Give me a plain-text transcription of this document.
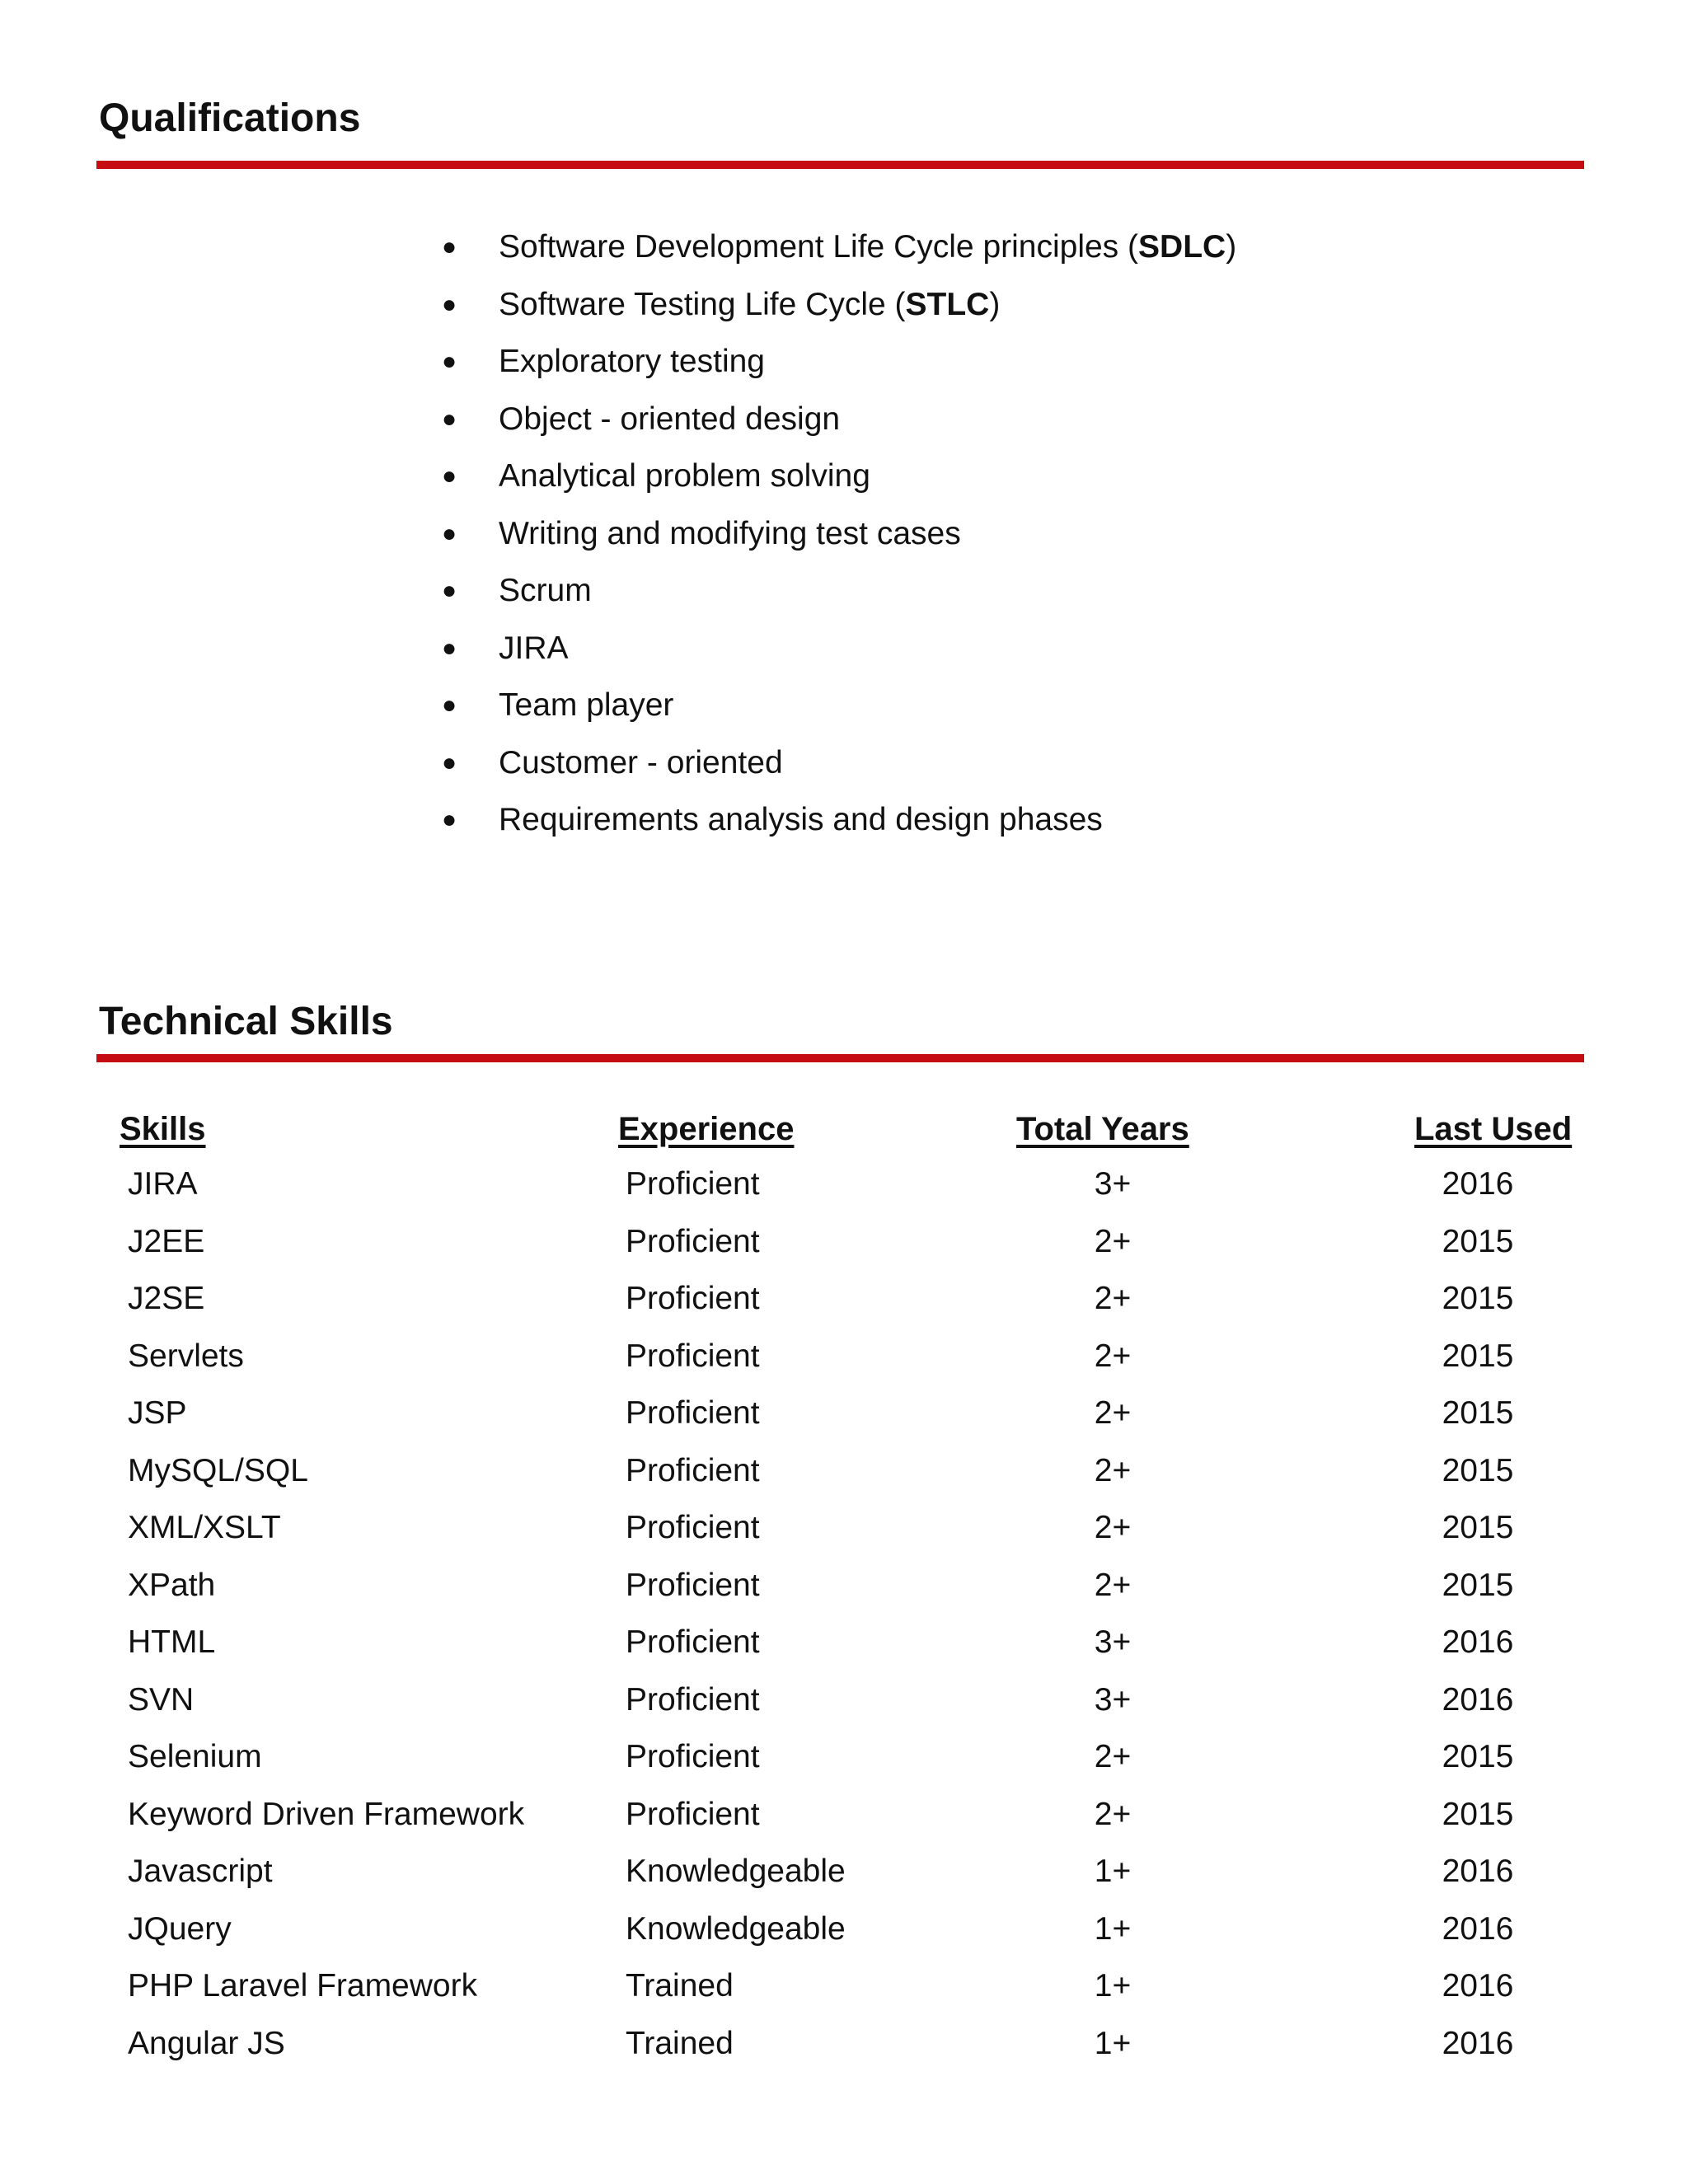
Qualifications
● Software Development Life Cycle principles (SDLC)
● Software Testing Life Cycle (STLC)
● Exploratory testing
● Object - oriented design
● Analytical problem solving
● Writing and modifying test cases
● Scrum
● JIRA
● Team player
● Customer - oriented
● Requirements analysis and design phases
Technical Skills
Skills	Experience	Total Years	Last Used
JIRA	Proficient	3+	2016
J2EE	Proficient	2+	2015
J2SE	Proficient	2+	2015
Servlets	Proficient	2+	2015
JSP	Proficient	2+	2015
MySQL/SQL	Proficient	2+	2015
XML/XSLT	Proficient	2+	2015
XPath	Proficient	2+	2015
HTML	Proficient	3+	2016
SVN	Proficient	3+	2016
Selenium	Proficient	2+	2015
Keyword Driven Framework	Proficient	2+	2015
Javascript	Knowledgeable	1+	2016
JQuery	Knowledgeable	1+	2016
PHP Laravel Framework	Trained	1+	2016
Angular JS	Trained	1+	2016
